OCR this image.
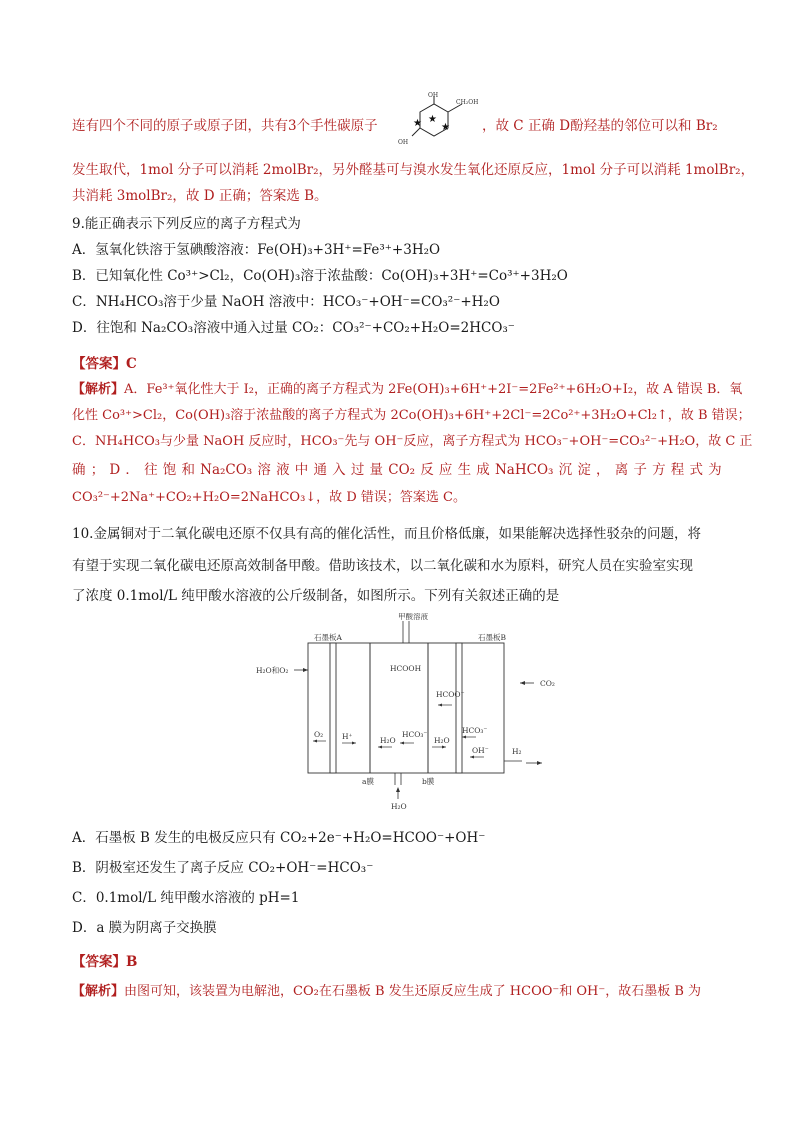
连有四个不同的原子或原子团，共有3个手性碳原子
OH
CH₂OH
OH
★
★
★	，故 C 正确 D酚羟基的邻位可以和 Br₂
发生取代，1mol 分子可以消耗 2molBr₂，另外醛基可与溴水发生氧化还原反应，1mol 分子可以消耗 1molBr₂，
共消耗 3molBr₂，故 D 正确；答案选 B。
9.能正确表示下列反应的离子方程式为
A．氢氧化铁溶于氢碘酸溶液：Fe(OH)₃+3H⁺=Fe³⁺+3H₂O
B．已知氧化性 Co³⁺>Cl₂，Co(OH)₃溶于浓盐酸：Co(OH)₃+3H⁺=Co³⁺+3H₂O
C．NH₄HCO₃溶于少量 NaOH 溶液中：HCO₃⁻+OH⁻=CO₃²⁻+H₂O
D．往饱和 Na₂CO₃溶液中通入过量 CO₂：CO₃²⁻+CO₂+H₂O=2HCO₃⁻
【答案】C
【解析】A．Fe³⁺氧化性大于 I₂，正确的离子方程式为 2Fe(OH)₃+6H⁺+2I⁻=2Fe²⁺+6H₂O+I₂，故 A 错误 B．氧
化性 Co³⁺>Cl₂，Co(OH)₃溶于浓盐酸的离子方程式为 2Co(OH)₃+6H⁺+2Cl⁻=2Co²⁺+3H₂O+Cl₂↑，故 B 错误；
C．NH₄HCO₃与少量 NaOH 反应时，HCO₃⁻先与 OH⁻反应，离子方程式为 HCO₃⁻+OH⁻=CO₃²⁻+H₂O，故 C 正
确 ； D ． 往 饱 和 Na₂CO₃ 溶 液 中 通 入 过 量 CO₂ 反 应 生 成 NaHCO₃ 沉 淀 ， 离 子 方 程 式 为
CO₃²⁻+2Na⁺+CO₂+H₂O=2NaHCO₃↓，故 D 错误；答案选 C。
10.金属铜对于二氧化碳电还原不仅具有高的催化活性，而且价格低廉，如果能解决选择性驳杂的问题，将
有望于实现二氧化碳电还原高效制备甲酸。借助该技术，以二氧化碳和水为原料，研究人员在实验室实现
了浓度 0.1mol/L 纯甲酸水溶液的公斤级制备，如图所示。下列有关叙述正确的是
甲酸溶液
石墨板A	石墨板B
H₂O和O₂
CO₂
HCOOH
HCOO⁻
O₂	H⁺	H₂O
HCO₃⁻
H₂O
HCO₃⁻
OH⁻	H₂
H₂O
a膜	b膜
A．石墨板 B 发生的电极反应只有 CO₂+2e⁻+H₂O=HCOO⁻+OH⁻
B．阴极室还发生了离子反应 CO₂+OH⁻=HCO₃⁻
C．0.1mol/L 纯甲酸水溶液的 pH=1
D．a 膜为阴离子交换膜
【答案】B
【解析】由图可知，该装置为电解池，CO₂在石墨板 B 发生还原反应生成了 HCOO⁻和 OH⁻，故石墨板 B 为
